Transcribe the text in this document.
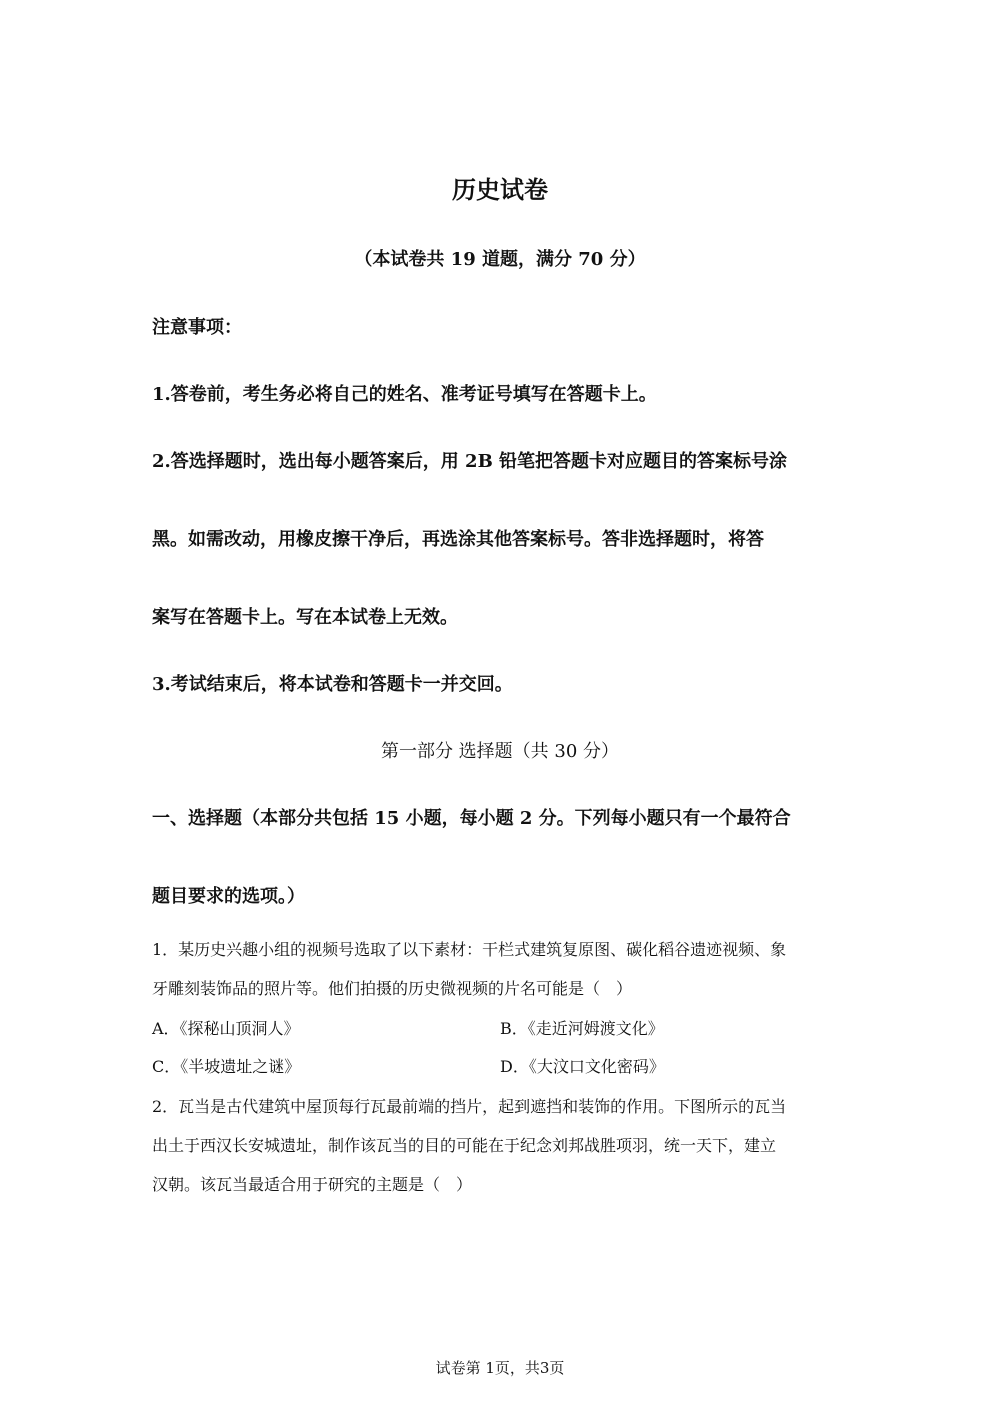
历史试卷
（本试卷共 19 道题，满分 70 分）
注意事项：
1.答卷前，考生务必将自己的姓名、准考证号填写在答题卡上。
2.答选择题时，选出每小题答案后，用 2B 铅笔把答题卡对应题目的答案标号涂
黑。如需改动，用橡皮擦干净后，再选涂其他答案标号。答非选择题时，将答
案写在答题卡上。写在本试卷上无效。
3.考试结束后，将本试卷和答题卡一并交回。
第一部分 选择题（共 30 分）
一、选择题（本部分共包括 15 小题，每小题 2 分。下列每小题只有一个最符合
题目要求的选项。）
1．某历史兴趣小组的视频号选取了以下素材：干栏式建筑复原图、碳化稻谷遗迹视频、象
牙雕刻装饰品的照片等。他们拍摄的历史微视频的片名可能是（　）
A．《探秘山顶洞人》	B．《走近河姆渡文化》
C．《半坡遗址之谜》	D．《大汶口文化密码》
2．瓦当是古代建筑中屋顶每行瓦最前端的挡片，起到遮挡和装饰的作用。下图所示的瓦当
出土于西汉长安城遗址，制作该瓦当的目的可能在于纪念刘邦战胜项羽，统一天下，建立
汉朝。该瓦当最适合用于研究的主题是（　）
试卷第 1页，共3页
